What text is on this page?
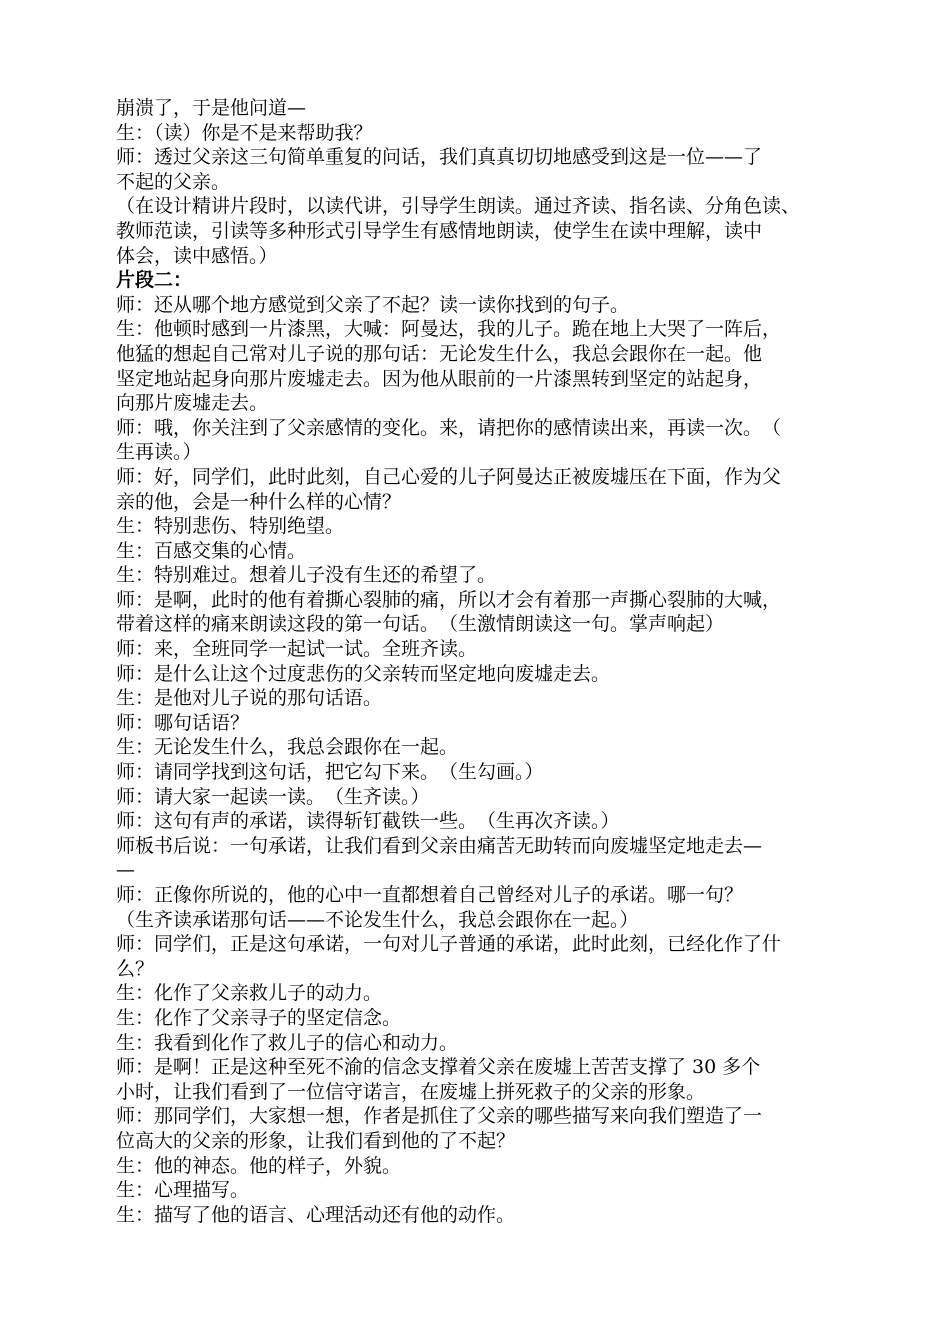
崩溃了，于是他问道—

生：（读）你是不是来帮助我？

师：透过父亲这三句简单重复的问话，我们真真切切地感受到这是一位——了
不起的父亲。

（在设计精讲片段时，以读代讲，引导学生朗读。通过齐读、指名读、分角色读、
教师范读，引读等多种形式引导学生有感情地朗读，使学生在读中理解，读中
体会，读中感悟。）

片段二：

师：还从哪个地方感觉到父亲了不起？读一读你找到的句子。

生：他顿时感到一片漆黑，大喊：阿曼达，我的儿子。跪在地上大哭了一阵后，
他猛的想起自己常对儿子说的那句话：无论发生什么，我总会跟你在一起。他
坚定地站起身向那片废墟走去。因为他从眼前的一片漆黑转到坚定的站起身，
向那片废墟走去。

师：哦，你关注到了父亲感情的变化。来，请把你的感情读出来，再读一次。　（
生再读。）

师：好，同学们，此时此刻，自己心爱的儿子阿曼达正被废墟压在下面，作为父
亲的他，会是一种什么样的心情？

生：特别悲伤、特别绝望。

生：百感交集的心情。

生：特别难过。想着儿子没有生还的希望了。

师：是啊，此时的他有着撕心裂肺的痛，所以才会有着那一声撕心裂肺的大喊，
带着这样的痛来朗读这段的第一句话。　（生激情朗读这一句。掌声响起）

师：来，全班同学一起试一试。全班齐读。

师：是什么让这个过度悲伤的父亲转而坚定地向废墟走去。

生：是他对儿子说的那句话语。

师：哪句话语？

生：无论发生什么，我总会跟你在一起。

师：请同学找到这句话，把它勾下来。　（生勾画。）

师：请大家一起读一读。　（生齐读。）

师：这句有声的承诺，读得斩钉截铁一些。　（生再次齐读。）

师板书后说：一句承诺，让我们看到父亲由痛苦无助转而向废墟坚定地走去—
—

师：正像你所说的，他的心中一直都想着自己曾经对儿子的承诺。哪一句？
（生齐读承诺那句话——不论发生什么，我总会跟你在一起。）

师：同学们，正是这句承诺，一句对儿子普通的承诺，此时此刻，已经化作了什
么？

生：化作了父亲救儿子的动力。

生：化作了父亲寻子的坚定信念。

生：我看到化作了救儿子的信心和动力。

师：是啊！正是这种至死不渝的信念支撑着父亲在废墟上苦苦支撑了 30 多个
小时，让我们看到了一位信守诺言，在废墟上拼死救子的父亲的形象。

师：那同学们，大家想一想，作者是抓住了父亲的哪些描写来向我们塑造了一
位高大的父亲的形象，让我们看到他的了不起？

生：他的神态。他的样子，外貌。

生：心理描写。

生：描写了他的语言、心理活动还有他的动作。
